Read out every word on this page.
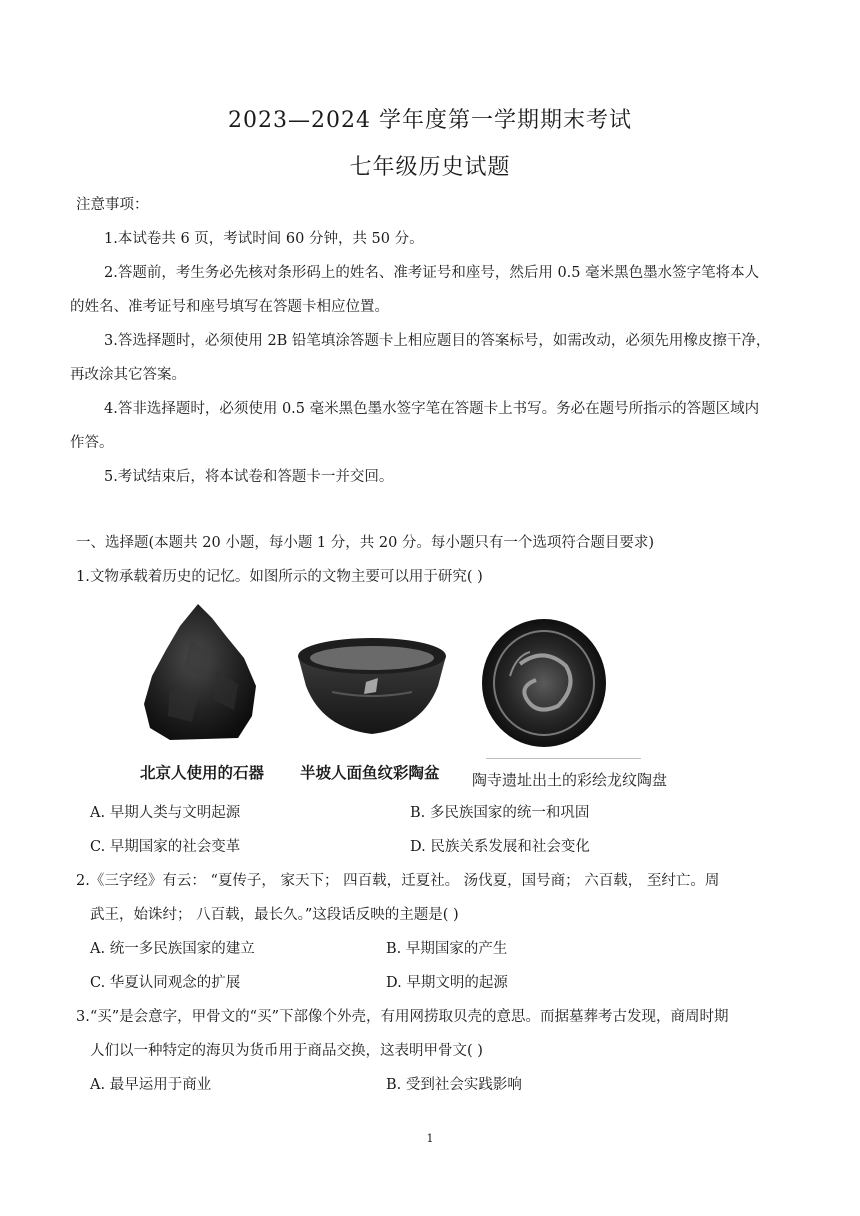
2023—2024 学年度第一学期期末考试
七年级历史试题
注意事项：
1.本试卷共 6 页，考试时间 60 分钟，共 50 分。
2.答题前，考生务必先核对条形码上的姓名、准考证号和座号，然后用 0.5 毫米黑色墨水签字笔将本人
的姓名、准考证号和座号填写在答题卡相应位置。
3.答选择题时，必须使用 2B 铅笔填涂答题卡上相应题目的答案标号，如需改动，必须先用橡皮擦干净，
再改涂其它答案。
4.答非选择题时，必须使用 0.5 毫米黑色墨水签字笔在答题卡上书写。务必在题号所指示的答题区域内
作答。
5.考试结束后，将本试卷和答题卡一并交回。
一、选择题(本题共 20 小题，每小题 1 分，共 20 分。每小题只有一个选项符合题目要求)
1.文物承载着历史的记忆。如图所示的文物主要可以用于研究( )
北京人使用的石器 半坡人面鱼纹彩陶盆 陶寺遗址出土的彩绘龙纹陶盘
A. 早期人类与文明起源	B. 多民族国家的统一和巩固
C. 早期国家的社会变革	D. 民族关系发展和社会变化
2.《三字经》有云： “夏传子， 家天下； 四百载，迁夏社。 汤伐夏，国号商； 六百载， 至纣亡。周
武王，始诛纣； 八百载，最长久。”这段话反映的主题是( )
A. 统一多民族国家的建立	B. 早期国家的产生
C. 华夏认同观念的扩展	D. 早期文明的起源
3.“买”是会意字，甲骨文的“买”下部像个外壳，有用网捞取贝壳的意思。而据墓葬考古发现，商周时期
人们以一种特定的海贝为货币用于商品交换，这表明甲骨文( )
A. 最早运用于商业	B. 受到社会实践影响
1
